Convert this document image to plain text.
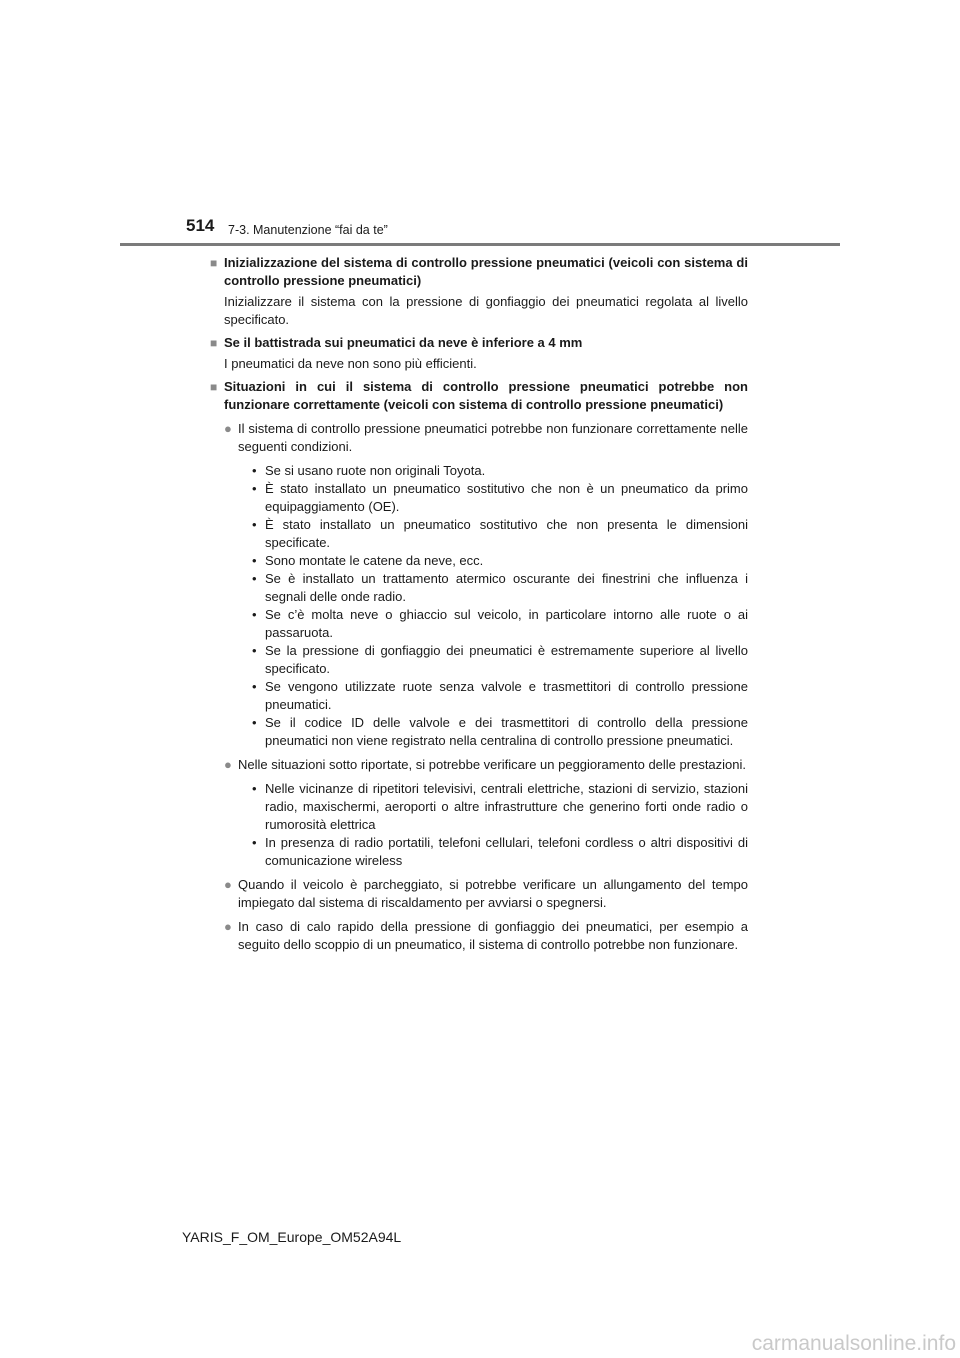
514 7-3. Manutenzione “fai da te”
■ Inizializzazione del sistema di controllo pressione pneumatici (veicoli con sistema di controllo pressione pneumatici)
Inizializzare il sistema con la pressione di gonfiaggio dei pneumatici regolata al livello specificato.
■ Se il battistrada sui pneumatici da neve è inferiore a 4 mm
I pneumatici da neve non sono più efficienti.
■ Situazioni in cui il sistema di controllo pressione pneumatici potrebbe non funzionare correttamente (veicoli con sistema di controllo pressione pneumatici)
● Il sistema di controllo pressione pneumatici potrebbe non funzionare correttamente nelle seguenti condizioni.
• Se si usano ruote non originali Toyota.
• È stato installato un pneumatico sostitutivo che non è un pneumatico da primo equipaggiamento (OE).
• È stato installato un pneumatico sostitutivo che non presenta le dimensioni specificate.
• Sono montate le catene da neve, ecc.
• Se è installato un trattamento atermico oscurante dei finestrini che influenza i segnali delle onde radio.
• Se c’è molta neve o ghiaccio sul veicolo, in particolare intorno alle ruote o ai passaruota.
• Se la pressione di gonfiaggio dei pneumatici è estremamente superiore al livello specificato.
• Se vengono utilizzate ruote senza valvole e trasmettitori di controllo pressione pneumatici.
• Se il codice ID delle valvole e dei trasmettitori di controllo della pressione pneumatici non viene registrato nella centralina di controllo pressione pneumatici.
● Nelle situazioni sotto riportate, si potrebbe verificare un peggioramento delle prestazioni.
• Nelle vicinanze di ripetitori televisivi, centrali elettriche, stazioni di servizio, stazioni radio, maxischermi, aeroporti o altre infrastrutture che generino forti onde radio o rumorosità elettrica
• In presenza di radio portatili, telefoni cellulari, telefoni cordless o altri dispositivi di comunicazione wireless
● Quando il veicolo è parcheggiato, si potrebbe verificare un allungamento del tempo impiegato dal sistema di riscaldamento per avviarsi o spegnersi.
● In caso di calo rapido della pressione di gonfiaggio dei pneumatici, per esempio a seguito dello scoppio di un pneumatico, il sistema di controllo potrebbe non funzionare.
YARIS_F_OM_Europe_OM52A94L
carmanualsonline.info
